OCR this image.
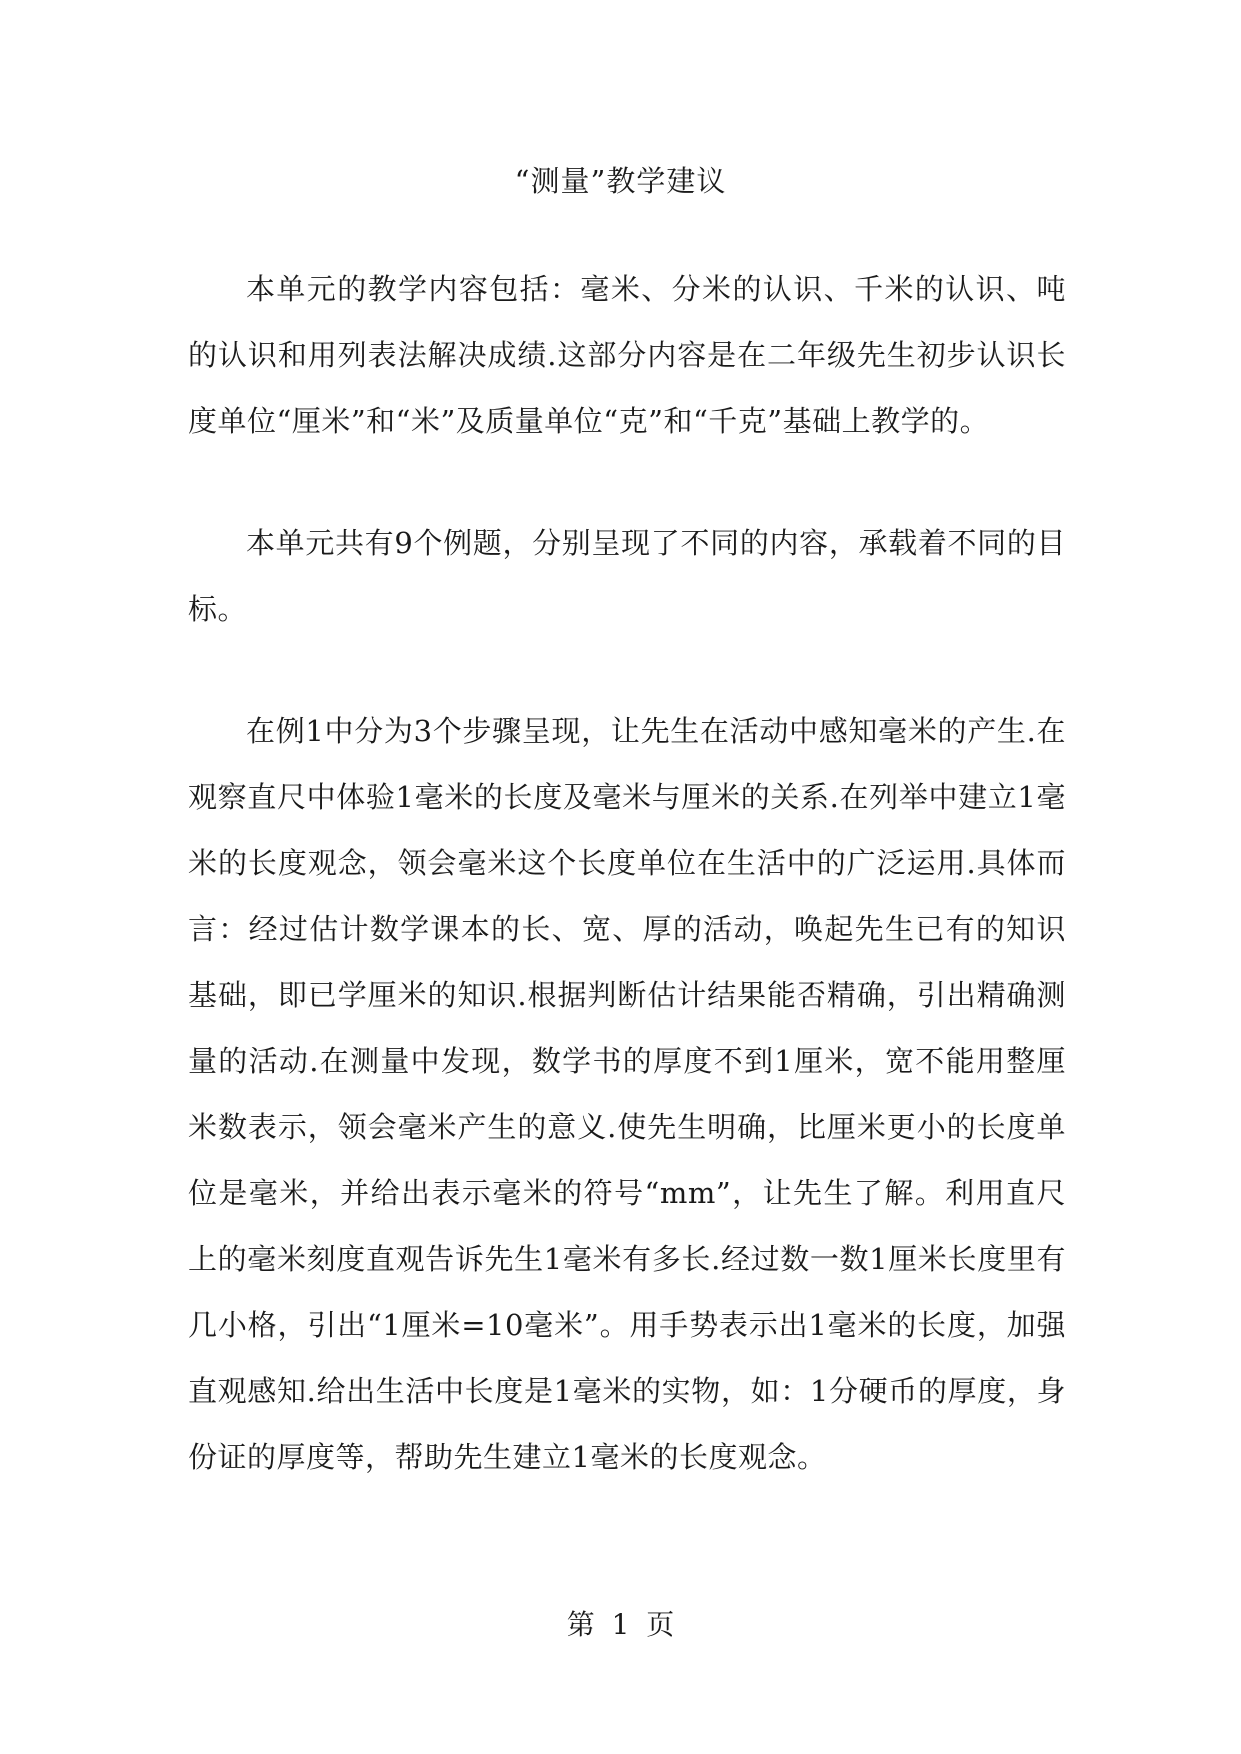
“测量”教学建议

本单元的教学内容包括：毫米、分米的认识、千米的认识、吨的认识和用列表法解决成绩.这部分内容是在二年级先生初步认识长度单位“厘米”和“米”及质量单位“克”和“千克”基础上教学的。

本单元共有9个例题，分别呈现了不同的内容，承载着不同的目标。

在例1中分为3个步骤呈现，让先生在活动中感知毫米的产生.在观察直尺中体验1毫米的长度及毫米与厘米的关系.在列举中建立1毫米的长度观念，领会毫米这个长度单位在生活中的广泛运用.具体而言：经过估计数学课本的长、宽、厚的活动，唤起先生已有的知识基础，即已学厘米的知识.根据判断估计结果能否精确，引出精确测量的活动.在测量中发现，数学书的厚度不到1厘米，宽不能用整厘米数表示，领会毫米产生的意义.使先生明确，比厘米更小的长度单位是毫米，并给出表示毫米的符号“mm”，让先生了解。利用直尺上的毫米刻度直观告诉先生1毫米有多长.经过数一数1厘米长度里有几小格，引出“1厘米=10毫米”。用手势表示出1毫米的长度，加强直观感知.给出生活中长度是1毫米的实物，如：1分硬币的厚度，身份证的厚度等，帮助先生建立1毫米的长度观念。

第 1 页
